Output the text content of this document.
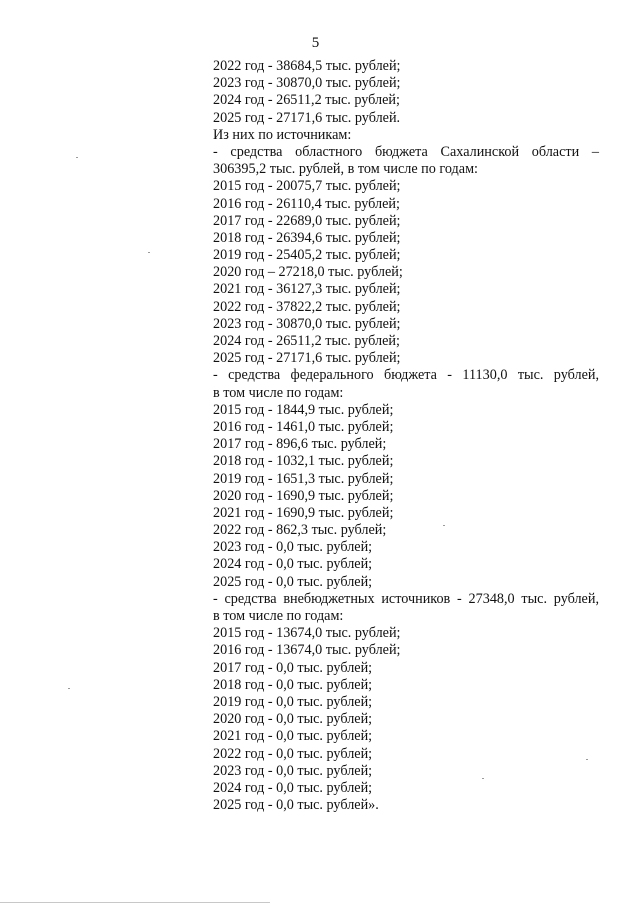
5
2022 год - 38684,5 тыс. рублей;
2023 год - 30870,0 тыс. рублей;
2024 год - 26511,2 тыс. рублей;
2025 год - 27171,6 тыс. рублей.
Из них по источникам:
- средства областного бюджета Сахалинской области –
306395,2 тыс. рублей, в том числе по годам:
2015 год - 20075,7 тыс. рублей;
2016 год - 26110,4 тыс. рублей;
2017 год - 22689,0 тыс. рублей;
2018 год - 26394,6 тыс. рублей;
2019 год - 25405,2 тыс. рублей;
2020 год – 27218,0 тыс. рублей;
2021 год - 36127,3 тыс. рублей;
2022 год - 37822,2 тыс. рублей;
2023 год - 30870,0 тыс. рублей;
2024 год - 26511,2 тыс. рублей;
2025 год - 27171,6 тыс. рублей;
- средства федерального бюджета - 11130,0 тыс. рублей,
в том числе по годам:
2015 год - 1844,9 тыс. рублей;
2016 год - 1461,0 тыс. рублей;
2017 год - 896,6 тыс. рублей;
2018 год - 1032,1 тыс. рублей;
2019 год - 1651,3 тыс. рублей;
2020 год - 1690,9 тыс. рублей;
2021 год - 1690,9 тыс. рублей;
2022 год - 862,3 тыс. рублей;
2023 год - 0,0 тыс. рублей;
2024 год - 0,0 тыс. рублей;
2025 год - 0,0 тыс. рублей;
- средства внебюджетных источников - 27348,0 тыс. рублей,
в том числе по годам:
2015 год - 13674,0 тыс. рублей;
2016 год - 13674,0 тыс. рублей;
2017 год - 0,0 тыс. рублей;
2018 год - 0,0 тыс. рублей;
2019 год - 0,0 тыс. рублей;
2020 год - 0,0 тыс. рублей;
2021 год - 0,0 тыс. рублей;
2022 год - 0,0 тыс. рублей;
2023 год - 0,0 тыс. рублей;
2024 год - 0,0 тыс. рублей;
2025 год - 0,0 тыс. рублей».
